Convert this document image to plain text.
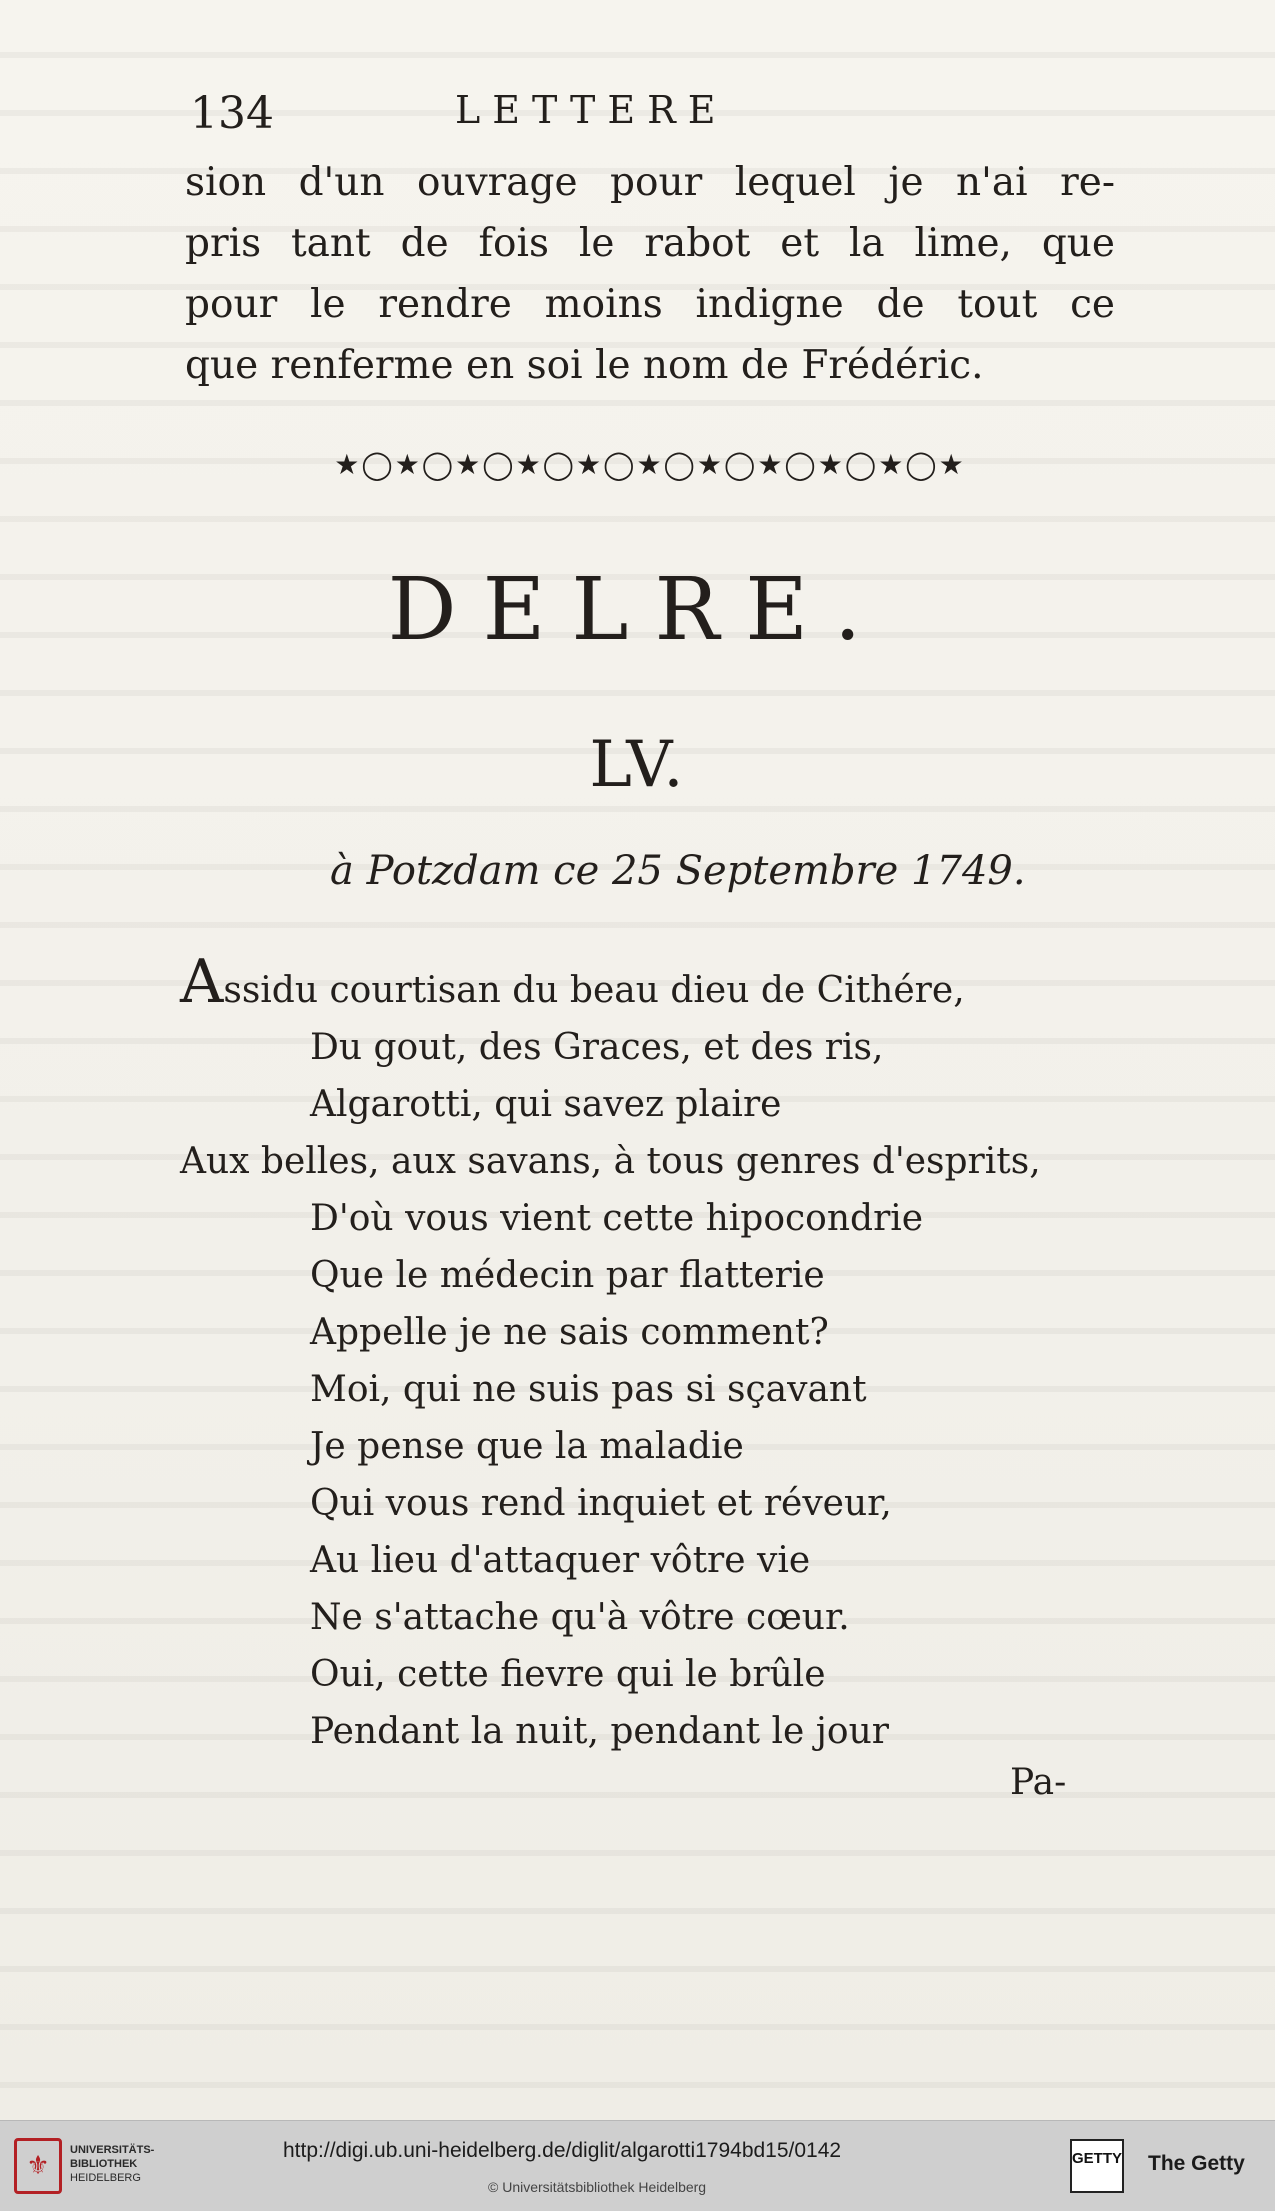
134	LETTERE
sion d'un ouvrage pour lequel je n'ai re-
pris tant de fois le rabot et la lime, que
pour le rendre moins indigne de tout ce
que renferme en soi le nom de Frédéric.
★◯★◯★◯★◯★◯★◯★◯★◯★◯★◯★
DELRE.
LV.
à Potzdam ce 25 Septembre 1749.
Assidu courtisan du beau dieu de Cithére,
Du gout, des Graces, et des ris,
Algarotti, qui savez plaire
Aux belles, aux savans, à tous genres d'esprits,
D'où vous vient cette hipocondrie
Que le médecin par flatterie
Appelle je ne sais comment?
Moi, qui ne suis pas si sçavant
Je pense que la maladie
Qui vous rend inquiet et réveur,
Au lieu d'attaquer vôtre vie
Ne s'attache qu'à vôtre cœur.
Oui, cette fievre qui le brûle
Pendant la nuit, pendant le jour
Pa-
⚜
UNIVERSITÄTS-
BIBLIOTHEK
HEIDELBERG
http://digi.ub.uni-heidelberg.de/diglit/algarotti1794bd15/0142
© Universitätsbibliothek Heidelberg
GETTY The Getty
